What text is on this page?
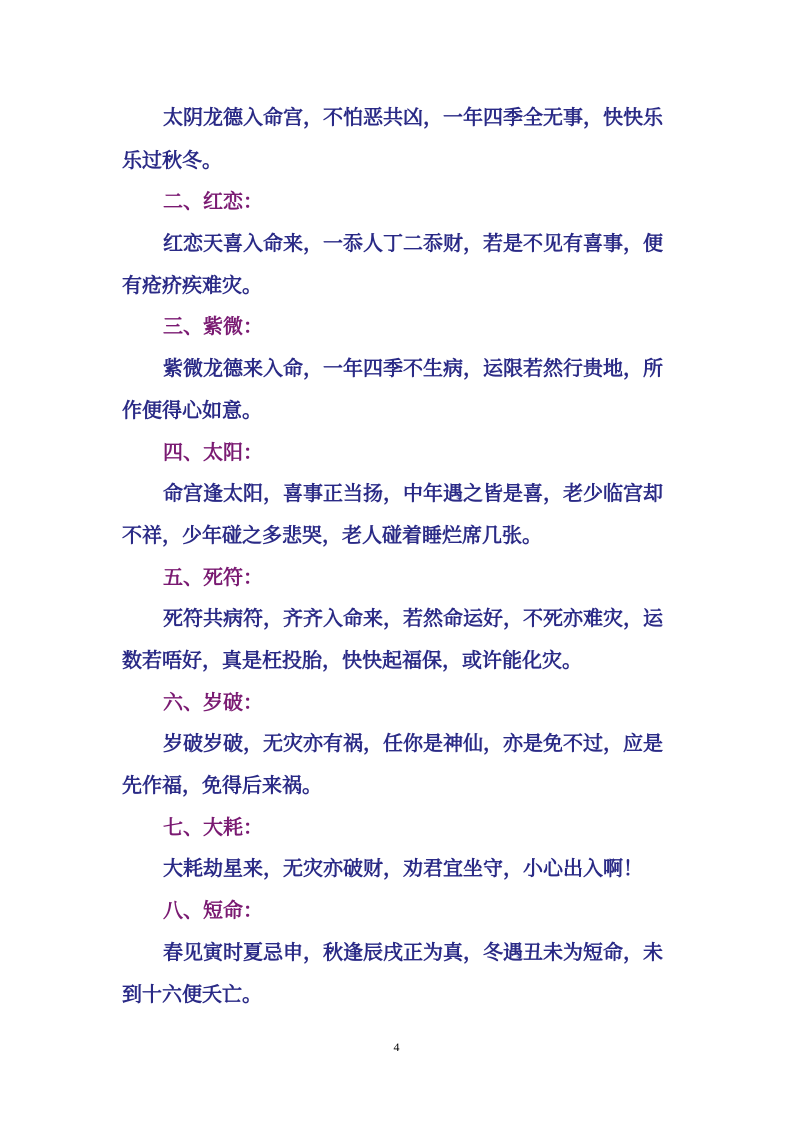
太 阴 龙 德 入 命 宫 ， 不 怕 恶 共 凶 ， 一 年 四 季 全 无 事 ， 快 快 乐
乐过秋冬。
二、红恋：
红 恋 天 喜 入 命 来 ， 一 忝 人 丁 二 忝 财 ， 若 是 不 见 有 喜 事 ， 便
有疮疥疾难灾。
三、紫微：
紫 微 龙 德 来 入 命 ， 一 年 四 季 不 生 病 ， 运 限 若 然 行 贵 地 ， 所
作便得心如意。
四、太阳：
命 宫 逢 太 阳 ， 喜 事 正 当 扬 ， 中 年 遇 之 皆 是 喜 ， 老 少 临 宫 却
不祥，少年碰之多悲哭，老人碰着睡烂席几张。
五、死符：
死 符 共 病 符 ， 齐 齐 入 命 来 ， 若 然 命 运 好 ， 不 死 亦 难 灾 ， 运
数若唔好，真是枉投胎，快快起福保，或许能化灾。
六、岁破：
岁 破 岁 破 ， 无 灾 亦 有 祸 ， 任 你 是 神 仙 ， 亦 是 免 不 过 ， 应 是
先作福，免得后来祸。
七、大耗：
大耗劫星来，无灾亦破财，劝君宜坐守，小心出入啊！
八、短命：
春 见 寅 时 夏 忌 申 ， 秋 逢 辰 戌 正 为 真 ， 冬 遇 丑 未 为 短 命 ， 未
到十六便夭亡。
4
